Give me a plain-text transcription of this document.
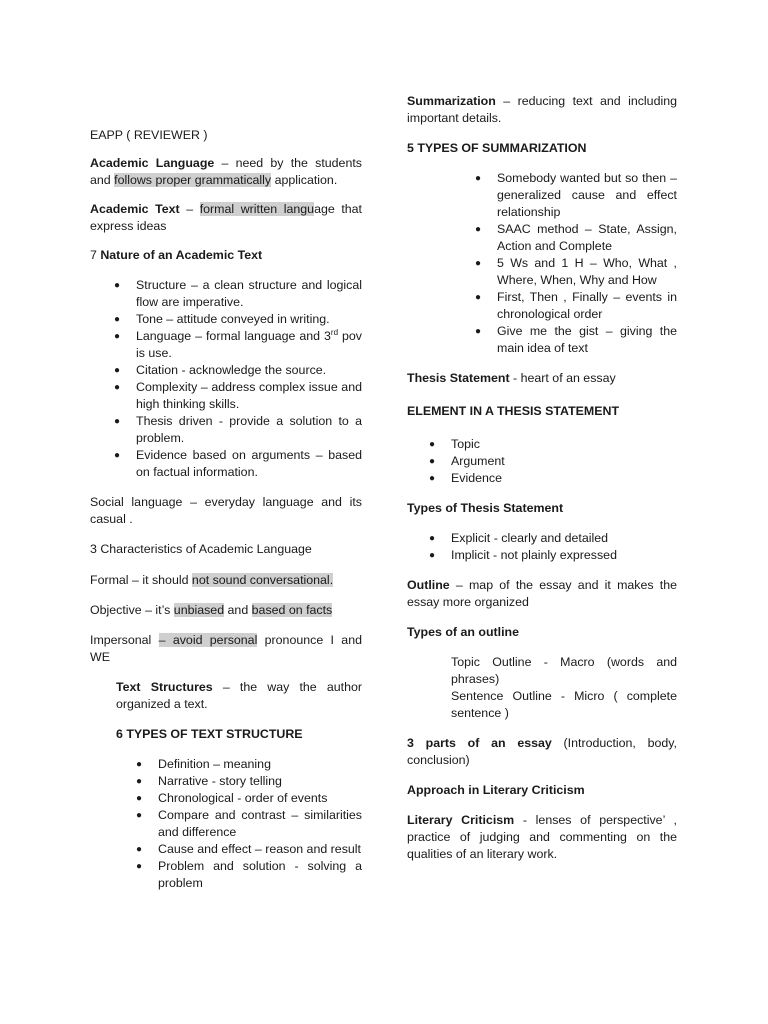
EAPP ( REVIEWER )

Academic Language – need by the students and follows proper grammatically application.

Academic Text – formal written language that express ideas

7 Nature of an Academic Text

● Structure – a clean structure and logical flow are imperative.
● Tone – attitude conveyed in writing.
● Language – formal language and 3rd pov is use.
● Citation - acknowledge the source.
● Complexity – address complex issue and high thinking skills.
● Thesis driven - provide a solution to a problem.
● Evidence based on arguments – based on factual information.

Social language – everyday language and its casual .

3 Characteristics of Academic Language

Formal – it should not sound conversational.

Objective – it’s unbiased and based on facts

Impersonal – avoid personal pronounce I and WE

Text Structures – the way the author organized a text.

6 TYPES OF TEXT STRUCTURE

● Definition – meaning
● Narrative - story telling
● Chronological - order of events
● Compare and contrast – similarities and difference
● Cause and effect – reason and result
● Problem and solution - solving a problem

Summarization – reducing text and including important details.

5 TYPES OF SUMMARIZATION

● Somebody wanted but so then – generalized cause and effect relationship
● SAAC method – State, Assign, Action and Complete
● 5 Ws and 1 H – Who, What , Where, When, Why and How
● First, Then , Finally – events in chronological order
● Give me the gist – giving the main idea of text

Thesis Statement - heart of an essay

ELEMENT IN A THESIS STATEMENT

● Topic
● Argument
● Evidence

Types of Thesis Statement

● Explicit - clearly and detailed
● Implicit - not plainly expressed

Outline – map of the essay and it makes the essay more organized

Types of an outline

Topic Outline - Macro (words and phrases)

Sentence Outline - Micro ( complete sentence )

3 parts of an essay (Introduction, body, conclusion)

Approach in Literary Criticism

Literary Criticism - lenses of perspective’ , practice of judging and commenting on the qualities of an literary work.
